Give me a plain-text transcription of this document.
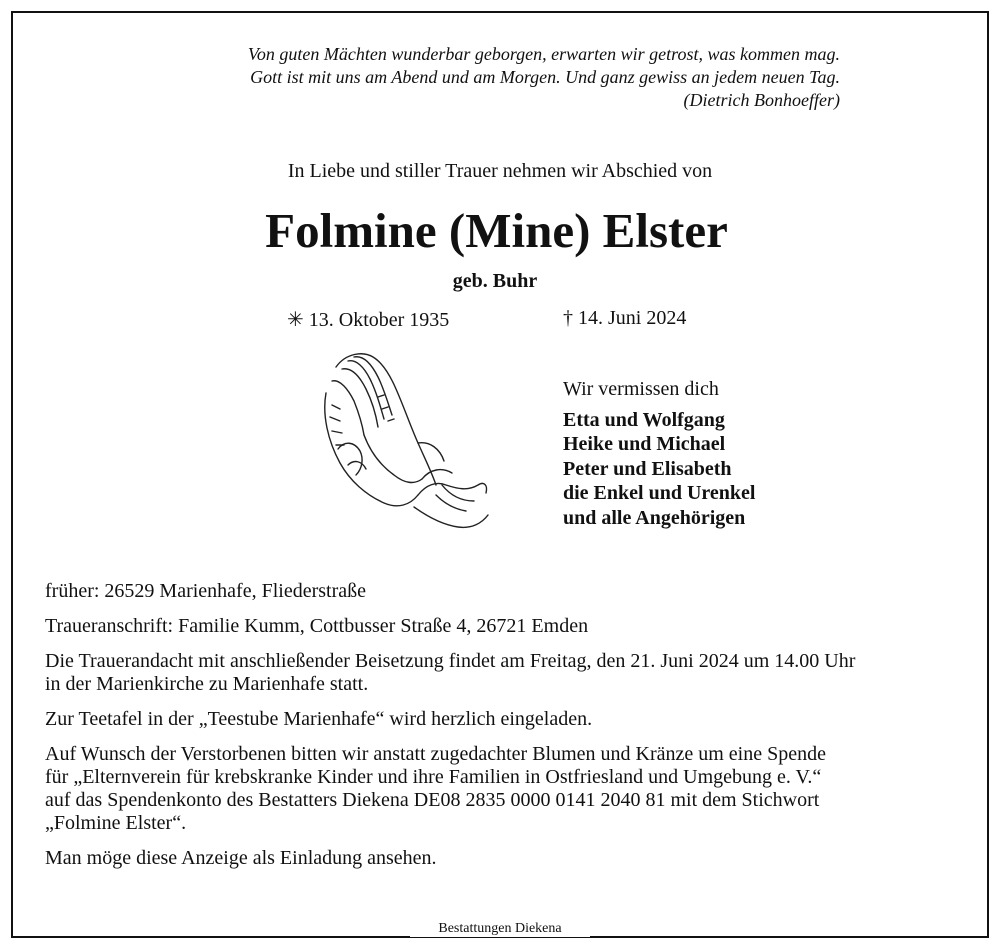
Von guten Mächten wunderbar geborgen, erwarten wir getrost, was kommen mag.
Gott ist mit uns am Abend und am Morgen. Und ganz gewiss an jedem neuen Tag.
(Dietrich Bonhoeffer)
In Liebe und stiller Trauer nehmen wir Abschied von
Folmine (Mine) Elster
geb. Buhr
✳ 13. Oktober 1935	† 14. Juni 2024
Wir vermissen dich
Etta und Wolfgang
Heike und Michael
Peter und Elisabeth
die Enkel und Urenkel
und alle Angehörigen

früher: 26529 Marienhafe, Fliederstraße

Traueranschrift: Familie Kumm, Cottbusser Straße 4, 26721 Emden

Die Trauerandacht mit anschließender Beisetzung findet am Freitag, den 21. Juni 2024 um 14.00 Uhr
in der Marienkirche zu Marienhafe statt.

Zur Teetafel in der „Teestube Marienhafe“ wird herzlich eingeladen.

Auf Wunsch der Verstorbenen bitten wir anstatt zugedachter Blumen und Kränze um eine Spende
für „Elternverein für krebskranke Kinder und ihre Familien in Ostfriesland und Umgebung e. V.“
auf das Spendenkonto des Bestatters Diekena DE08 2835 0000 0141 2040 81 mit dem Stichwort
„Folmine Elster“.

Man möge diese Anzeige als Einladung ansehen.

Bestattungen Diekena
